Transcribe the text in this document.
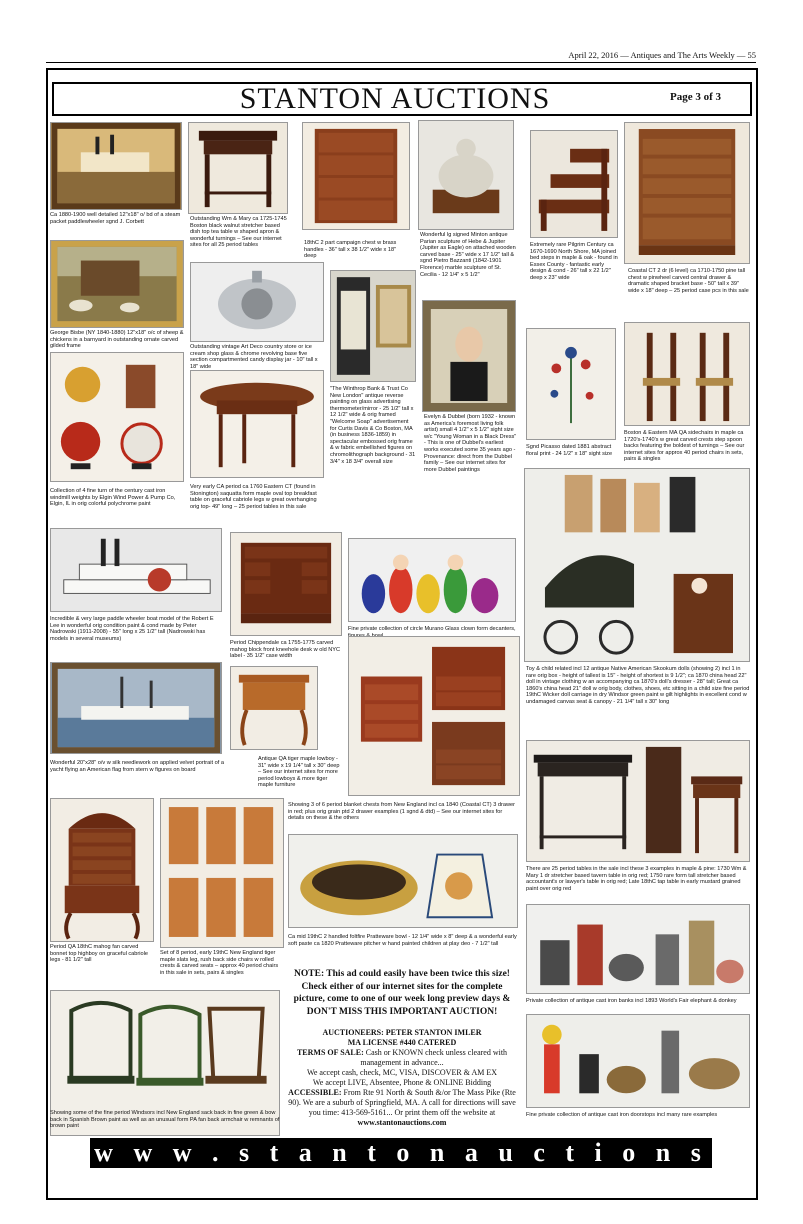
April 22, 2016 — Antiques and The Arts Weekly — 55
STANTON AUCTIONS	Page 3 of 3
Ca 1880-1900 well detailed 12"x18" o/ bd of a steam packet paddlewheeler sgnd J. Corbett	Outstanding Wm & Mary ca 1725-1745 Boston black walnut stretcher based dish top tea table w shaped apron & wonderful turnings – See our internet sites for all 25 period tables	18thC 2 part campaign chest w brass handles - 36" tall x 38 1/2" wide x 18" deep
Wonderful lg signed Minton antique Parian sculpture of Hebe & Jupiter (Jupiter as Eagle) on attached wooden carved base - 25" wide x 17 1/2" tall & sgnd Pietro Bazzanti (1842-1901 Florence) marble sculpture of St. Cecilia - 12 1/4" x 5 1/2"
Extremely rare Pilgrim Century ca 1670-1690 North Shore, MA joined bed steps in maple & oak - found in Essex County - fantastic early design & cond - 26" tall x 22 1/2" deep x 23" wide
Coastal CT 2 dr (6 level) ca 1710-1750 pine tall chest w pinwheel carved central drawer & dramatic shaped bracket base - 50" tall x 39" wide x 18" deep – 25 period case pcs in this sale
George Bisbe (NY 1840-1880) 12"x18" o/c of sheep & chickens in a barnyard in outstanding ornate carved gilded frame	Outstanding vintage Art Deco country store or ice cream shop glass & chrome revolving base five section compartmented candy display jar - 10" tall x 18" wide
"The Winthrop Bank & Trust Co New London" antique reverse painting on glass advertising thermometer/mirror - 25 1/2" tall x 12 1/2" wide & orig framed "Welcome Soap" advertisement for Curtis Davis & Co Boston, MA (in business 1836-1859) in spectacular embossed orig frame & w fabric embellished figures on chromolithograph background - 31 3/4" x 18 3/4" overall size
Evelyn & Dubbel (born 1932 - known as America's foremost living folk artist) small 4 1/2" x 5 1/2" sight size w/c "Young Woman in a Black Dress" - This is one of Dubbel's earliest works executed some 35 years ago - Provenance: direct from the Dubbel family – See our internet sites for more Dubbel paintings
Sgnd Picasso dated 1881 abstract floral print - 24 1/2" x 18" sight size
Boston & Eastern MA QA sidechairs in maple ca 1720's-1740's w great carved crests step spoon backs featuring the boldest of turnings – See our internet sites for approx 40 period chairs in sets, pairs & singles
Collection of 4 fine turn of the century cast iron windmill weights by Elgin Wind Power & Pump Co, Elgin, IL in orig colorful polychrome paint
Very early CA period ca 1760 Eastern CT (found in Stonington) saquatta form maple oval top breakfast table on graceful cabriole legs w great overhanging orig top- 49" long – 25 period tables in this sale
Incredible & very large paddle wheeler boat model of the Robert E Lee in wonderful orig condition paint & cond made by Peter Nadrowski (1911-2008) - 55" long x 25 1/2" tall (Nadrowski has models in several museums)
Period Chippendale ca 1755-1775 carved mahog block front kneehole desk w old NYC label - 35 1/2" case width
Fine private collection of circle Murano Glass clown form decanters,
Toy & child related incl 12 antique Native American Skookum dolls (showing 2) incl 1 in rare orig box - height of tallest is 15" - height of shortest is 9 1/2"; ca 1870 china head 22" doll in vintage clothing w an accompanying ca 1870's doll's dresser - 28" tall; Great ca 1860's china head 21" doll w orig body, clothes, shoes, etc sitting in a child size fine period 19thC Wicker doll carriage in dry Windsor green paint w gilt highlights in excellent cond w undamaged canvas seat & canopy - 21 1/4" tall x 30" long
Wonderful 20"x28" o/v w silk needlework on applied velvet portrait of a yacht flying an American flag from stern w figures on board
Antique QA tiger maple lowboy - 31" wide x 19 1/4" tall x 30" deep – See our internet sites for more period lowboys & more tiger maple furniture
Showing 3 of 6 period blanket chests from New England incl ca 1840 (Coastal CT) 3 drawer in red; plus orig grain ptd 2 drawer examples (1 sgnd & dtd) – See our internet sites for details on these & the others
There are 25 period tables in the sale incl these 3 examples in maple & pine: 1730 Wm & Mary 1 dr stretcher based tavern table in orig red; 1750 rare form tall stretcher based accountant's or lawyer's table in orig red; Late 18thC tap table in early mustard grained paint over orig red
Period QA 18thC mahog fan carved bonnet top highboy on graceful cabriole legs - 81 1/2" tall
Set of 8 period, early 19thC New England tiger maple slats leg, rush back side chairs w rolled crests & carved seats – approx 40 period chairs in this sale in sets, pairs & singles
Ca mid 19thC 2 handled foltfire Pratteware bowl - 12 1/4" wide x 8" deep & a wonderful early soft paste ca 1820 Pratteware pitcher w hand painted children at play deo - 7 1/2" tall
Private collection of antique cast iron banks incl 1893 World's Fair elephant & donkey
NOTE: This ad could easily have been twice this size! Check either of our internet sites for the complete picture, come to one of our week long preview days & DON'T MISS THIS IMPORTANT AUCTION!
AUCTIONEERS: PETER STANTON IMLER
MA LICENSE #440 CATERED
TERMS OF SALE: Cash or KNOWN check unless cleared with management in advance...
We accept cash, check, MC, VISA, DISCOVER & AM EX
We accept LIVE, Absentee, Phone & ONLINE Bidding
ACCESSIBLE: From Rte 91 North & South &/or The Mass Pike (Rte 90). We are a suburb of Springfield, MA. A call for directions will save you time: 413-569-5161... Or print them off the website at www.stantonauctions.com
Showing some of the fine period Windsors incl New England sack back in fine green & bow back in Spanish Brown paint as well as an unusual form PA fan back armchair w remnants of brown paint
Fine private collection of antique cast iron doorstops incl many rare examples
w w w . s t a n t o n a u c t i o n s . c o m
